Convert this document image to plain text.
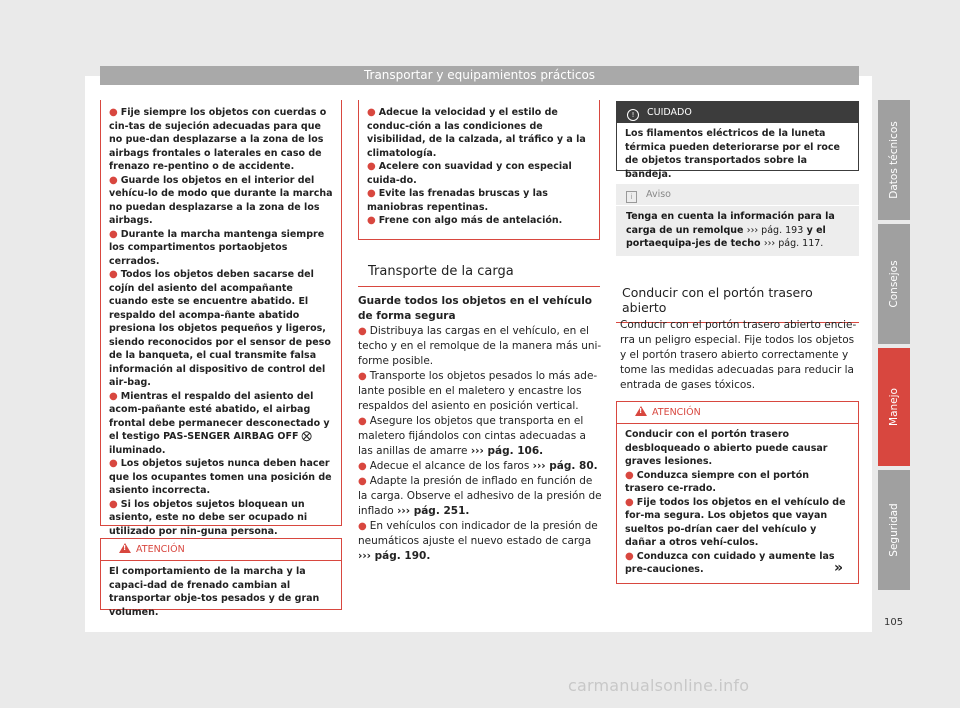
Transportar y equipamientos prácticos
● Fije siempre los objetos con cuerdas o cin-tas de sujeción adecuadas para que no pue-dan desplazarse a la zona de los airbags frontales o laterales en caso de frenazo re-pentino o de accidente.
● Guarde los objetos en el interior del vehícu-lo de modo que durante la marcha no puedan desplazarse a la zona de los airbags.
● Durante la marcha mantenga siempre los compartimentos portaobjetos cerrados.
● Todos los objetos deben sacarse del cojín del asiento del acompañante cuando este se encuentre abatido. El respaldo del acompa-ñante abatido presiona los objetos pequeños y ligeros, siendo reconocidos por el sensor de peso de la banqueta, el cual transmite falsa información al dispositivo de control del air-bag.
● Mientras el respaldo del asiento del acom-pañante esté abatido, el airbag frontal debe permanecer desconectado y el testigo PAS-SENGER AIRBAG OFF ⛒ iluminado.
● Los objetos sujetos nunca deben hacer que los ocupantes tomen una posición de asiento incorrecta.
● Si los objetos sujetos bloquean un asiento, este no debe ser ocupado ni utilizado por nin-guna persona.
!ATENCIÓN
El comportamiento de la marcha y la capaci-dad de frenado cambian al transportar obje-tos pesados y de gran volumen.
● Adecue la velocidad y el estilo de conduc-ción a las condiciones de visibilidad, de la calzada, al tráfico y a la climatología.
● Acelere con suavidad y con especial cuida-do.
● Evite las frenadas bruscas y las maniobras repentinas.
● Frene con algo más de antelación.
Transporte de la carga

Guarde todos los objetos en el vehículo de forma segura

● Distribuya las cargas en el vehículo, en el techo y en el remolque de la manera más uni-forme posible.

● Transporte los objetos pesados lo más ade-lante posible en el maletero y encastre los respaldos del asiento en posición vertical.

● Asegure los objetos que transporta en el maletero fijándolos con cintas adecuadas a las anillas de amarre ››› pág. 106.

● Adecue el alcance de los faros ››› pág. 80.

● Adapte la presión de inflado en función de la carga. Observe el adhesivo de la presión de inflado ››› pág. 251.

● En vehículos con indicador de la presión de neumáticos ajuste el nuevo estado de carga ››› pág. 190.

! CUIDADO
Los filamentos eléctricos de la luneta térmica pueden deteriorarse por el roce de objetos transportados sobre la bandeja.
i Aviso
Tenga en cuenta la información para la carga de un remolque ››› pág. 193 y el portaequipa-jes de techo ››› pág. 117.
Conducir con el portón trasero abierto
Conducir con el portón trasero abierto encie-rra un peligro especial. Fije todos los objetos y el portón trasero abierto correctamente y tome las medidas adecuadas para reducir la entrada de gases tóxicos.
!ATENCIÓN
Conducir con el portón trasero desbloqueado o abierto puede causar graves lesiones.
● Conduzca siempre con el portón trasero ce-rrado.
● Fije todos los objetos en el vehículo de for-ma segura. Los objetos que vayan sueltos po-drían caer del vehículo y dañar a otros vehí-culos.
● Conduzca con cuidado y aumente las pre-cauciones.	»
Datos técnicos
Consejos
Manejo
Seguridad
105
carmanualsonline.info
